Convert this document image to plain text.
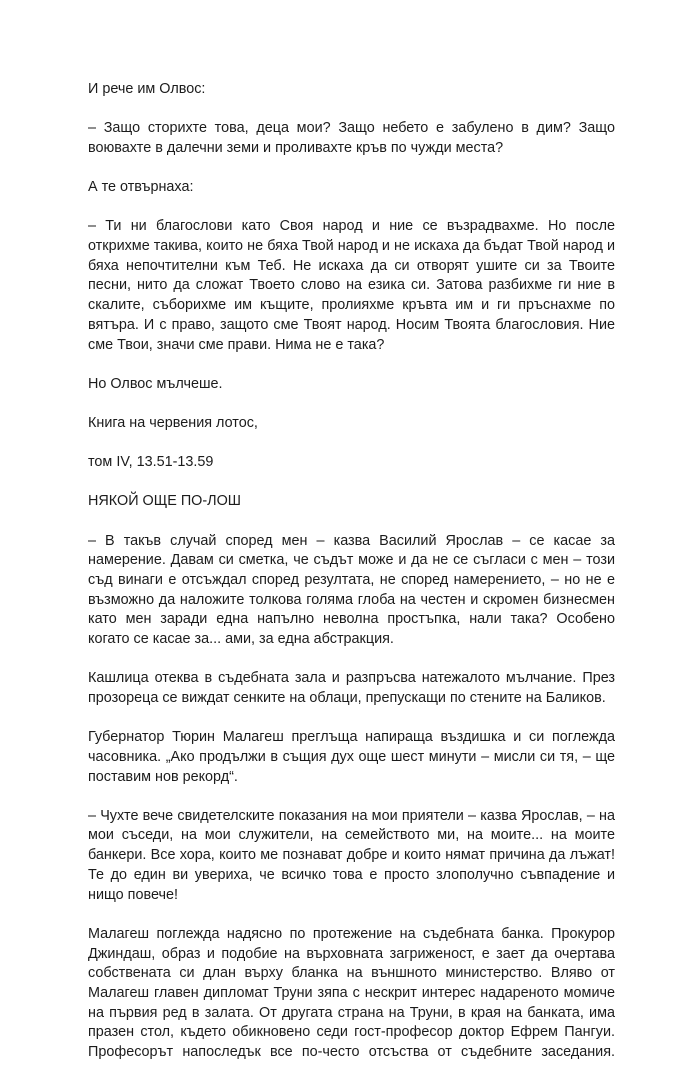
И рече им Олвос:

– Защо сторихте това, деца мои? Защо небето е забулено в дим? Защо воювахте в далечни земи и проливахте кръв по чужди места?

А те отвърнаха:

– Ти ни благослови като Своя народ и ние се възрадвахме. Но после открихме такива, които не бяха Твой народ и не искаха да бъдат Твой народ и бяха непочтителни към Теб. Не искаха да си отворят ушите си за Твоите песни, нито да сложат Твоето слово на езика си. Затова разбихме ги ние в скалите, съборихме им къщите, пролияхме кръвта им и ги пръснахме по вятъра. И с право, защото сме Твоят народ. Носим Твоята благословия. Ние сме Твои, значи сме прави. Нима не е така?

Но Олвос мълчеше.

Книга на червения лотос,

том IV, 13.51-13.59

НЯКОЙ ОЩЕ ПО-ЛОШ

– В такъв случай според мен – казва Василий Ярослав – се касае за намерение. Давам си сметка, че съдът може и да не се съгласи с мен – този съд винаги е отсъждал според резултата, не според намерението, – но не е възможно да наложите толкова голяма глоба на честен и скромен бизнесмен като мен заради една напълно неволна простъпка, нали така? Особено когато се касае за... ами, за една абстракция.

Кашлица отеква в съдебната зала и разпръсва натежалото мълчание. През прозореца се виждат сенките на облаци, препускащи по стените на Баликов.

Губернатор Тюрин Малагеш преглъща напираща въздишка и си поглежда часовника. „Ако продължи в същия дух още шест минути – мисли си тя, – ще поставим нов рекорд“.

– Чухте вече свидетелските показания на мои приятели – казва Ярослав, – на мои съседи, на мои служители, на семейството ми, на моите... на моите банкери. Все хора, които ме познават добре и които нямат причина да лъжат! Те до един ви увериха, че всичко това е просто злополучно съвпадение и нищо повече!

Малагеш поглежда надясно по протежение на съдебната банка. Прокурор Джиндаш, образ и подобие на върховната загриженост, е зает да очертава собствената си длан върху бланка на външното министерство. Вляво от Малагеш главен дипломат Труни зяпа с нескрит интерес надареното момиче на първия ред в залата. От другата страна на Труни, в края на банката, има празен стол, където обикновено седи гост-професор доктор Ефрем Пангуи. Професорът напоследък все по-често отсъства от съдебните заседания.
